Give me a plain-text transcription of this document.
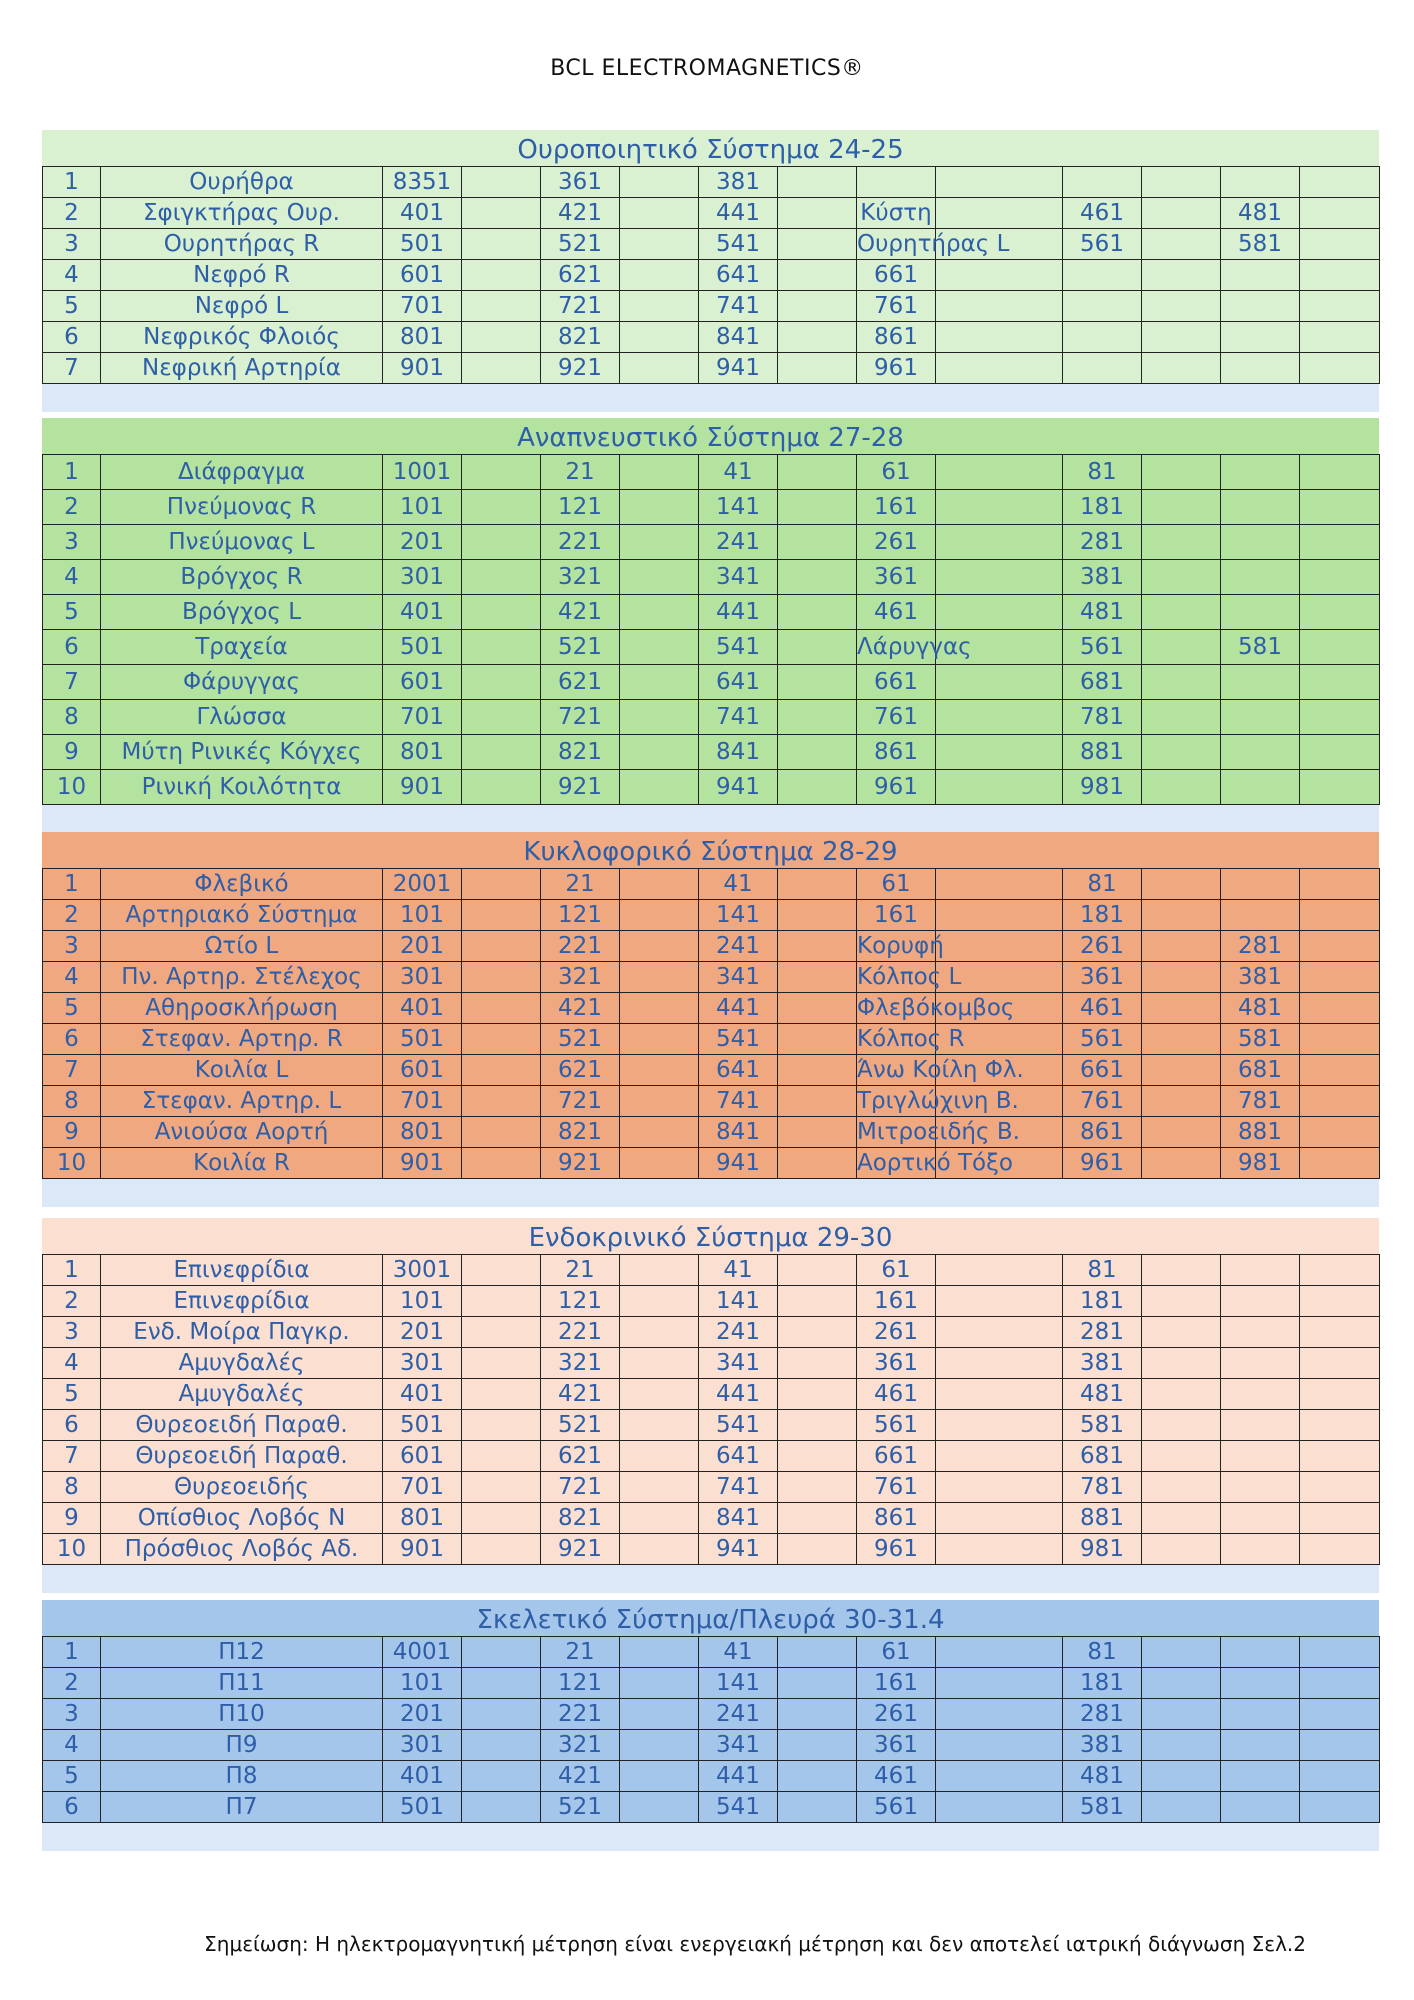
BCL ELECTROMAGNETICS®
Ουροποιητικό Σύστημα 24-25
1	Ουρήθρα	8351		361		381							
2	Σφιγκτήρας Ουρ.	401		421		441		Κύστη		461		481	
3	Ουρητήρας R	501		521		541		Ουρητήρας L		561		581	
4	Νεφρό R	601		621		641		661					
5	Νεφρό L	701		721		741		761					
6	Νεφρικός Φλοιός	801		821		841		861					
7	Νεφρική Αρτηρία	901		921		941		961					
Αναπνευστικό Σύστημα 27-28
1	Διάφραγμα	1001		21		41		61		81			
2	Πνεύμονας R	101		121		141		161		181			
3	Πνεύμονας L	201		221		241		261		281			
4	Βρόγχος R	301		321		341		361		381			
5	Βρόγχος L	401		421		441		461		481			
6	Τραχεία	501		521		541		Λάρυγγας		561		581	
7	Φάρυγγας	601		621		641		661		681			
8	Γλώσσα	701		721		741		761		781			
9	Μύτη Ρινικές Κόγχες	801		821		841		861		881			
10	Ρινική Κοιλότητα	901		921		941		961		981			
Κυκλοφορικό Σύστημα 28-29
1	Φλεβικό	2001		21		41		61		81			
2	Αρτηριακό Σύστημα	101		121		141		161		181			
3	Ωτίο L	201		221		241		Κορυφή		261		281	
4	Πν. Αρτηρ. Στέλεχος	301		321		341		Κόλπος L		361		381	
5	Αθηροσκλήρωση	401		421		441		Φλεβόκομβος		461		481	
6	Στεφαν. Αρτηρ. R	501		521		541		Κόλπος R		561		581	
7	Κοιλία L	601		621		641		Άνω Κοίλη Φλ.		661		681	
8	Στεφαν. Αρτηρ. L	701		721		741		Τριγλώχινη Β.		761		781	
9	Ανιούσα Αορτή	801		821		841		Μιτροειδής Β.		861		881	
10	Κοιλία R	901		921		941		Αορτικό Τόξο		961		981	
Ενδοκρινικό Σύστημα 29-30
1	Επινεφρίδια	3001		21		41		61		81			
2	Επινεφρίδια	101		121		141		161		181			
3	Ενδ. Μοίρα Παγκρ.	201		221		241		261		281			
4	Αμυγδαλές	301		321		341		361		381			
5	Αμυγδαλές	401		421		441		461		481			
6	Θυρεοειδή Παραθ.	501		521		541		561		581			
7	Θυρεοειδή Παραθ.	601		621		641		661		681			
8	Θυρεοειδής	701		721		741		761		781			
9	Οπίσθιος Λοβός Ν	801		821		841		861		881			
10	Πρόσθιος Λοβός Αδ.	901		921		941		961		981			
Σκελετικό Σύστημα/Πλευρά 30-31.4
1	Π12	4001		21		41		61		81			
2	Π11	101		121		141		161		181			
3	Π10	201		221		241		261		281			
4	Π9	301		321		341		361		381			
5	Π8	401		421		441		461		481			
6	Π7	501		521		541		561		581			
Σημείωση: Η ηλεκτρομαγνητική μέτρηση είναι ενεργειακή μέτρηση και δεν αποτελεί ιατρική διάγνωση Σελ.2
